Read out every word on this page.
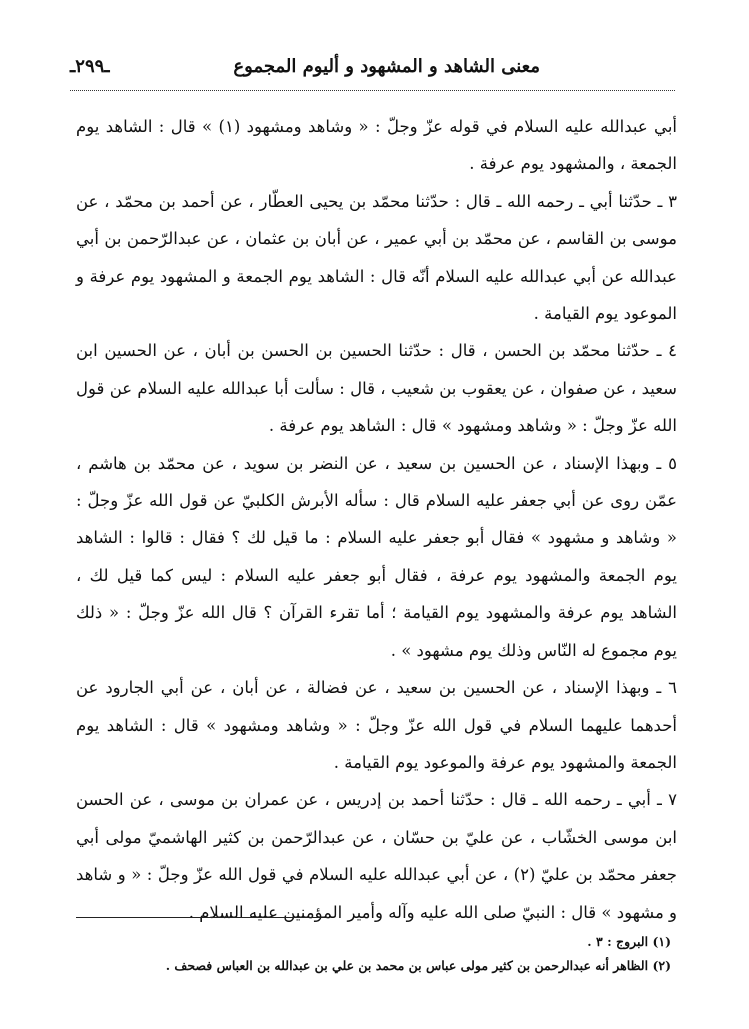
معنى الشاهد و المشهود و أليوم المجموع
ـ٢٩٩ـ

أبي عبدالله عليه السلام في قوله عزّ وجلّ : « وشاهد ومشهود (١) » قال : الشاهد يوم الجمعة ، والمشهود يوم عرفة .

٣ ـ حدّثنا أبي ـ رحمه الله ـ قال : حدّثنا محمّد بن يحيى العطّار ، عن أحمد بن محمّد ، عن موسى بن القاسم ، عن محمّد بن أبي عمير ، عن أبان بن عثمان ، عن عبدالرّحمن بن أبي عبدالله عن أبي عبدالله عليه السلام أنّه قال : الشاهد يوم الجمعة و المشهود يوم عرفة و الموعود يوم القيامة .

٤ ـ حدّثنا محمّد بن الحسن ، قال : حدّثنا الحسين بن الحسن بن أبان ، عن الحسين ابن سعيد ، عن صفوان ، عن يعقوب بن شعيب ، قال : سألت أبا عبدالله عليه السلام عن قول الله عزّ وجلّ : « وشاهد ومشهود » قال : الشاهد يوم عرفة .

٥ ـ وبهذا الإسناد ، عن الحسين بن سعيد ، عن النضر بن سويد ، عن محمّد بن هاشم ، عمّن روى عن أبي جعفر عليه السلام قال : سأله الأبرش الكلبيّ عن قول الله عزّ وجلّ : « وشاهد و مشهود » فقال أبو جعفر عليه السلام : ما قيل لك ؟ فقال : قالوا : الشاهد يوم الجمعة والمشهود يوم عرفة ، فقال أبو جعفر عليه السلام : ليس كما قيل لك ، الشاهد يوم عرفة والمشهود يوم القيامة ؛ أما تقرء القرآن ؟ قال الله عزّ وجلّ : « ذلك يوم مجموع له النّاس وذلك يوم مشهود » .

٦ ـ وبهذا الإسناد ، عن الحسين بن سعيد ، عن فضالة ، عن أبان ، عن أبي الجارود عن أحدهما عليهما السلام في قول الله عزّ وجلّ : « وشاهد ومشهود » قال : الشاهد يوم الجمعة والمشهود يوم عرفة والموعود يوم القيامة .

٧ ـ أبي ـ رحمه الله ـ قال : حدّثنا أحمد بن إدريس ، عن عمران بن موسى ، عن الحسن ابن موسى الخشّاب ، عن عليّ بن حسّان ، عن عبدالرّحمن بن كثير الهاشميّ مولى أبي جعفر محمّد بن عليّ (٢) ، عن أبي عبدالله عليه السلام في قول الله عزّ وجلّ : « و شاهد و مشهود » قال : النبيّ صلى الله عليه وآله وأمير المؤمنين عليه السلام .

(١) البروج : ٣ .

(٢) الظاهر أنه عبدالرحمن بن كثير مولى عباس بن محمد بن علي بن عبدالله بن العباس فصحف .
